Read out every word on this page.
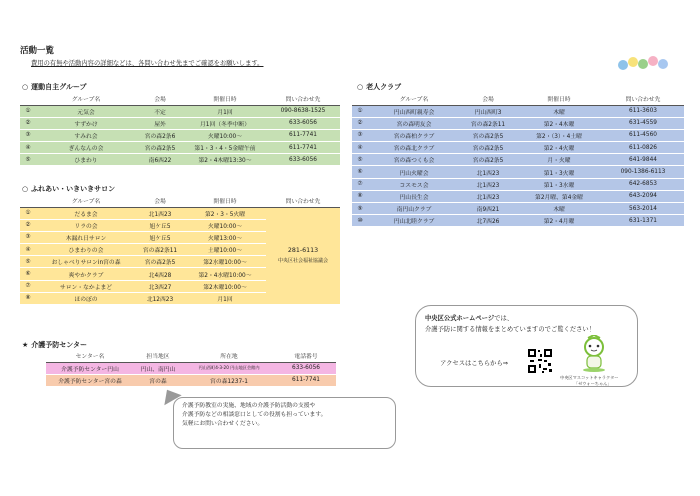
活動一覧
費用の有無や活動内容の詳細などは、各問い合わせ先までご確認をお願いします。
○ 運動自主グループ
	グループ名	会場	開催日時	問い合わせ先
①	元気会	不定	月1回	090-8638-1525
②	すずかけ	屋外	月1回（冬季中断）	633-6056
③	すみれ会	宮の森2条6	火曜10:00〜	611-7741
④	ぎんなんの会	宮の森2条5	第1・3・4・5金曜午前	611-7741
⑤	ひまわり	南6西22	第2・4木曜13:30〜	633-6056
○ ふれあい・いきいきサロン
	グループ名	会場	開催日時	問い合わせ先
①	だるま会	北1西23	第2・3・5火曜	281-6113
中央区社会福祉協議会

②	リラの会	旭ケ丘5	火曜10:00〜	
③	木漏れ日サロン	旭ケ丘5	火曜13:00〜	
④	ひまわりの会	宮の森2条11	土曜10:00〜	
⑤	おしゃべりサロンin宮の森	宮の森2条5	第2水曜10:00〜	
⑥	爽やかクラブ	北4西28	第2・4水曜10:00〜	
⑦	サロン・なかよまど	北3西27	第2木曜10:00〜	
⑧	ほのぼの	北12西23	月1回	
★ 介護予防センター
センター名	担当地区	所在地	電話番号
介護予防センター円山	円山、南円山	円山西町4-3-20 円山地区会館内	633-6056
介護予防センター宮の森	宮の森	宮の森1237-1	611-7741

介護予防教室の実施、地域の介護予防活動の支援や
介護予防などの相談窓口としての役割も担っています。
気軽にお問い合わせください。

○ 老人クラブ
	グループ名	会場	開催日時	問い合わせ先
①	円山西町親寿会	円山西町3	木曜	611-3603
②	宮の森明友会	宮の森2条11	第2・4木曜	631-4559
③	宮の森柏クラブ	宮の森2条5	第2・（3）・4土曜	611-4560
④	宮の森北クラブ	宮の森2条5	第2・4火曜	611-0826
⑤	宮の森つくも会	宮の森2条5	月・火曜	641-9844
⑥	円山火曜会	北1西23	第1・3火曜	090-1386-6113
⑦	コスモス会	北1西23	第1・3水曜	642-6853
⑧	円山長生会	北1西23	第2月曜、第4金曜	643-2094
⑨	南円山クラブ	南9西21	木曜	563-2014
⑩	円山北睦クラブ	北7西26	第2・4月曜	631-1371
中央区公式ホームページでは、
介護予防に関する情報をまとめていますのでご覧ください！
アクセスはこちらから⇒
中央区マスコットキャラクター
「ゼウォーちゃん」
